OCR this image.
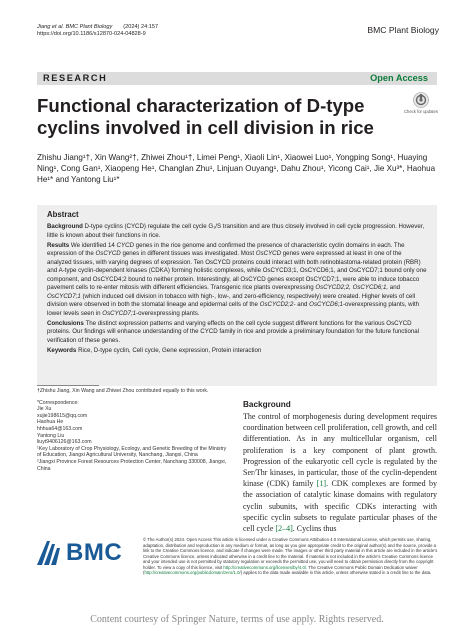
Jiang et al. BMC Plant Biology (2024) 24:157
https://doi.org/10.1186/s12870-024-04828-9	BMC Plant Biology
RESEARCH	Open Access
Functional characterization of D-type cyclins involved in cell division in rice
Check for updates
Zhishu Jiang¹†, Xin Wang²†, Zhiwei Zhou¹†, Limei Peng¹, Xiaoli Lin¹, Xiaowei Luo¹, Yongping Song¹, Huaying Ning¹, Cong Gan¹, Xiaopeng He¹, Changlan Zhu¹, Linjuan Ouyang¹, Dahu Zhou¹, Yicong Cai¹, Jie Xu³*, Haohua He¹* and Yantong Liu¹*
Abstract

Background D-type cyclins (CYCD) regulate the cell cycle G₁/S transition and are thus closely involved in cell cycle progression. However, little is known about their functions in rice.

Results We identified 14 CYCD genes in the rice genome and confirmed the presence of characteristic cyclin domains in each. The expression of the OsCYCD genes in different tissues was investigated. Most OsCYCD genes were expressed at least in one of the analyzed tissues, with varying degrees of expression. Ten OsCYCD proteins could interact with both retinoblastoma-related protein (RBR) and A-type cyclin-dependent kinases (CDKA) forming holistic complexes, while OsCYCD3;1, OsCYCD6;1, and OsCYCD7;1 bound only one component, and OsCYCD4;2 bound to neither protein. Interestingly, all OsCYCD genes except OsCYCD7;1, were able to induce tobacco pavement cells to re-enter mitosis with different efficiencies. Transgenic rice plants overexpressing OsCYCD2;2, OsCYCD6;1, and OsCYCD7;1 (which induced cell division in tobacco with high-, low-, and zero-efficiency, respectively) were created. Higher levels of cell division were observed in both the stomatal lineage and epidermal cells of the OsCYCD2;2- and OsCYCD6;1-overexpressing plants, with lower levels seen in OsCYCD7;1-overexpressing plants.

Conclusions The distinct expression patterns and varying effects on the cell cycle suggest different functions for the various OsCYCD proteins. Our findings will enhance understanding of the CYCD family in rice and provide a preliminary foundation for the future functional verification of these genes.

Keywords Rice, D-type cyclin, Cell cycle, Gene expression, Protein interaction

†Zhishu Jiang, Xin Wang and Zhiwei Zhou contributed equally to this work.
*Correspondence:
Jie Xu
xujie198615@qq.com
Haohua He
hhhua64@163.com
Yantong Liu
liuyt9406126@163.com
¹Key Laboratory of Crop Physiology, Ecology, and Genetic Breeding of the Ministry of Education, Jiangxi Agricultural University, Nanchang, Jiangxi, China
²Jiangxi Province Forest Resources Protection Center, Nanchang 330008, Jiangxi, China
Background
The control of morphogenesis during development requires coordination between cell proliferation, cell growth, and cell differentiation. As in any multicellular organism, cell proliferation is a key component of plant growth. Progression of the eukaryotic cell cycle is regulated by the Ser/Thr kinases, in particular, those of the cyclin-dependent kinase (CDK) family [1]. CDK complexes are formed by the association of catalytic kinase domains with regulatory cyclin subunits, with specific CDKs interacting with specific cyclin subsets to regulate particular phases of the cell cycle [2–4]. Cyclins thus
BMC	© The Author(s) 2024. Open Access This article is licensed under a Creative Commons Attribution 4.0 International License, which permits use, sharing, adaptation, distribution and reproduction in any medium or format, as long as you give appropriate credit to the original author(s) and the source, provide a link to the Creative Commons licence, and indicate if changes were made. The images or other third party material in this article are included in the article's Creative Commons licence, unless indicated otherwise in a credit line to the material. If material is not included in the article's Creative Commons licence and your intended use is not permitted by statutory regulation or exceeds the permitted use, you will need to obtain permission directly from the copyright holder. To view a copy of this licence, visit http://creativecommons.org/licenses/by/4.0/. The Creative Commons Public Domain Dedication waiver (http://creativecommons.org/publicdomain/zero/1.0/) applies to the data made available in this article, unless otherwise stated in a credit line to the data.
Content courtesy of Springer Nature, terms of use apply. Rights reserved.
